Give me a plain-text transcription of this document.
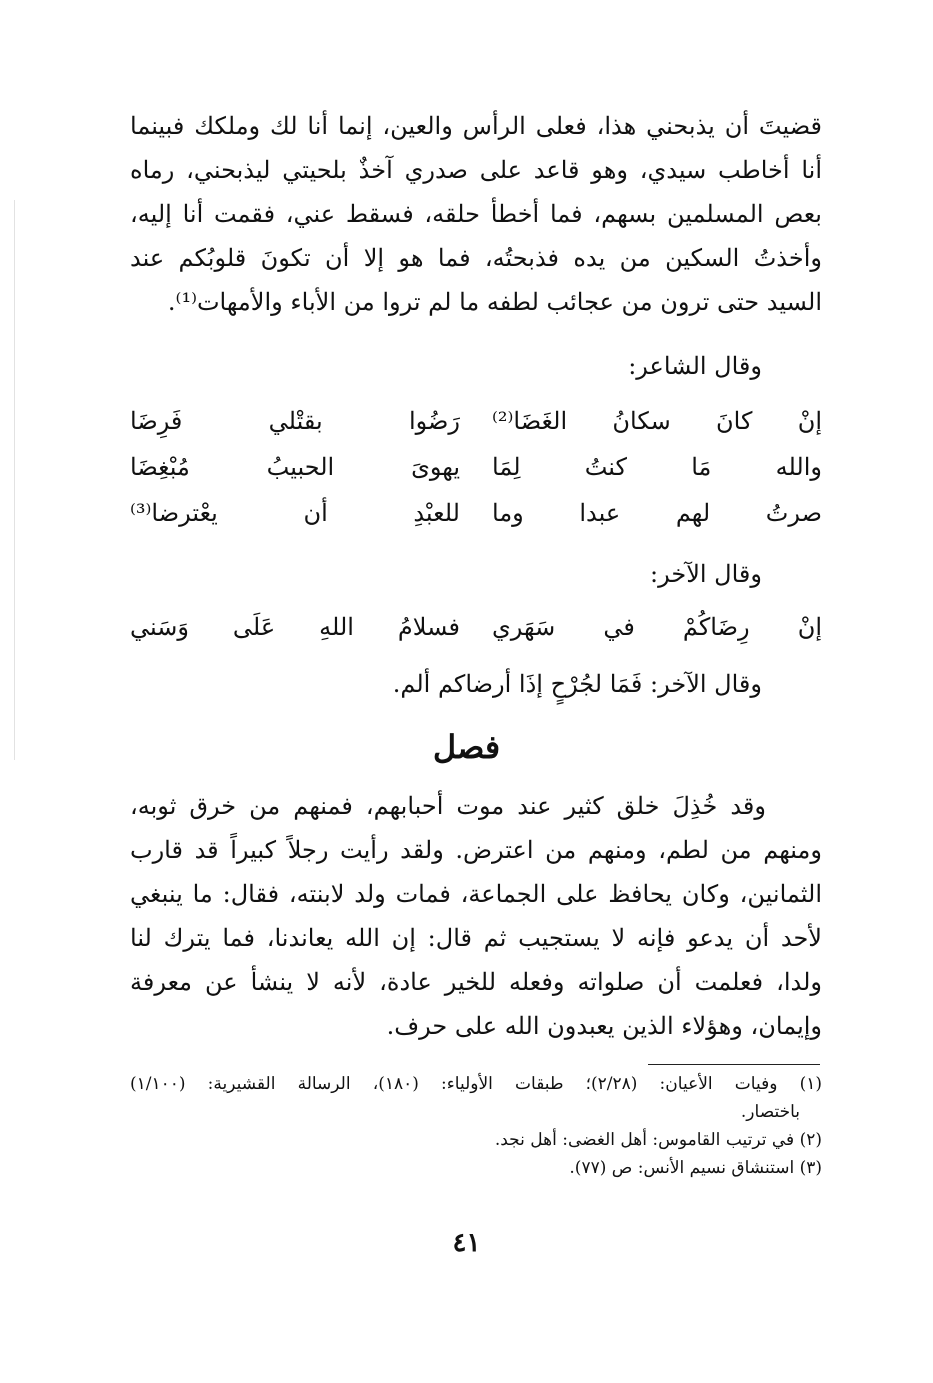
قضيتَ أن يذبحني هذا، فعلى الرأس والعين، إنما أنا لك وملكك فبينما
أنا أخاطب سيدي، وهو قاعد على صدري آخذٌ بلحيتي ليذبحني، رماه
بعص المسلمين بسهم، فما أخطأ حلقه، فسقط عني، فقمت أنا إليه،
وأخذتُ السكين من يده فذبحتُه، فما هو إلا أن تكونَ قلوبُكم عند
السيد حتى ترون من عجائب لطفه ما لم تروا من الأباء والأمهات⁽¹⁾.
وقال الشاعر:
إنْ كانَ سكانُ الغَضَا⁽²⁾
رَضُوا بقتْلي فَرِضَا
والله مَا كنتُ لِمَا
يهوىَ الحبيبُ مُبْغِضَا
صرتُ لهم عبدا وما
للعبْدِ أن يعْترضا⁽³⁾
وقال الآخر:
إنْ رِضَاكُمْ في سَهَري
فسلامُ اللهِ عَلَى وَسَني
وقال الآخر: فَمَا لجُرْحٍ إذَا أرضاكم ألم.
فصل
وقد خُذِلَ خلق كثير عند موت أحبابهم، فمنهم من خرق ثوبه،
ومنهم من لطم، ومنهم من اعترض. ولقد رأيت رجلاً كبيراً قد قارب
الثمانين، وكان يحافظ على الجماعة، فمات ولد لابنته، فقال: ما ينبغي
لأحد أن يدعو فإنه لا يستجيب ثم قال: إن الله يعاندنا، فما يترك لنا
ولدا، فعلمت أن صلواته وفعله للخير عادة، لأنه لا ينشأ عن معرفة
وإيمان، وهؤلاء الذين يعبدون الله على حرف.
(١) وفيات الأعيان: (٢/٢٨)؛ طبقات الأولياء: (١٨٠)، الرسالة القشيرية: (١/١٠٠)
باختصار.
(٢) في ترتيب القاموس: أهل الغضى: أهل نجد.
(٣) استنشاق نسيم الأنس: ص (٧٧).
٤١
